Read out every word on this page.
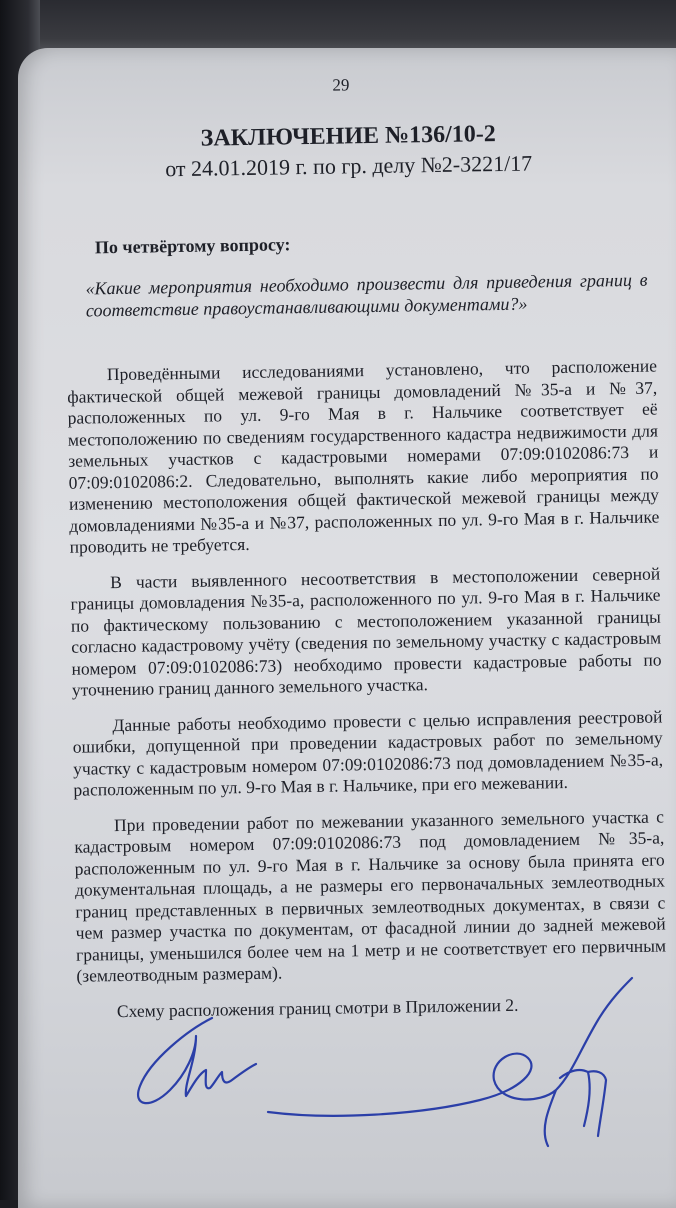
29
ЗАКЛЮЧЕНИЕ №136/10-2
от 24.01.2019 г. по гр. делу №2-3221/17
По четвёртому вопросу:
«Какие мероприятия необходимо произвести для приведения границ в соответствие правоустанавливающими документами?»

Проведёнными исследованиями установлено, что расположение фактической общей межевой границы домовладений №35-а и №37, расположенных по ул. 9-го Мая в г. Нальчике соответствует её местоположению по сведениям государственного кадастра недвижимости для земельных участков с кадастровыми номерами 07:09:0102086:73 и 07:09:0102086:2. Следовательно, выполнять какие либо мероприятия по изменению местоположения общей фактической межевой границы между домовладениями №35-а и №37, расположенных по ул. 9-го Мая в г. Нальчике проводить не требуется.

В части выявленного несоответствия в местоположении северной границы домовладения №35-а, расположенного по ул. 9-го Мая в г. Нальчике по фактическому пользованию с местоположением указанной границы согласно кадастровому учёту (сведения по земельному участку с кадастровым номером 07:09:0102086:73) необходимо провести кадастровые работы по уточнению границ данного земельного участка.

Данные работы необходимо провести с целью исправления реестровой ошибки, допущенной при проведении кадастровых работ по земельному участку с кадастровым номером 07:09:0102086:73 под домовладением №35-а, расположенным по ул. 9-го Мая в г. Нальчике, при его межевании.

При проведении работ по межевании указанного земельного участка с кадастровым номером 07:09:0102086:73 под домовладением №35-а, расположенным по ул. 9-го Мая в г. Нальчике за основу была принята его документальная площадь, а не размеры его первоначальных землеотводных границ представленных в первичных землеотводных документах, в связи с чем размер участка по документам, от фасадной линии до задней межевой границы, уменьшился более чем на 1 метр и не соответствует его первичным (землеотводным размерам).

Схему расположения границ смотри в Приложении 2.
